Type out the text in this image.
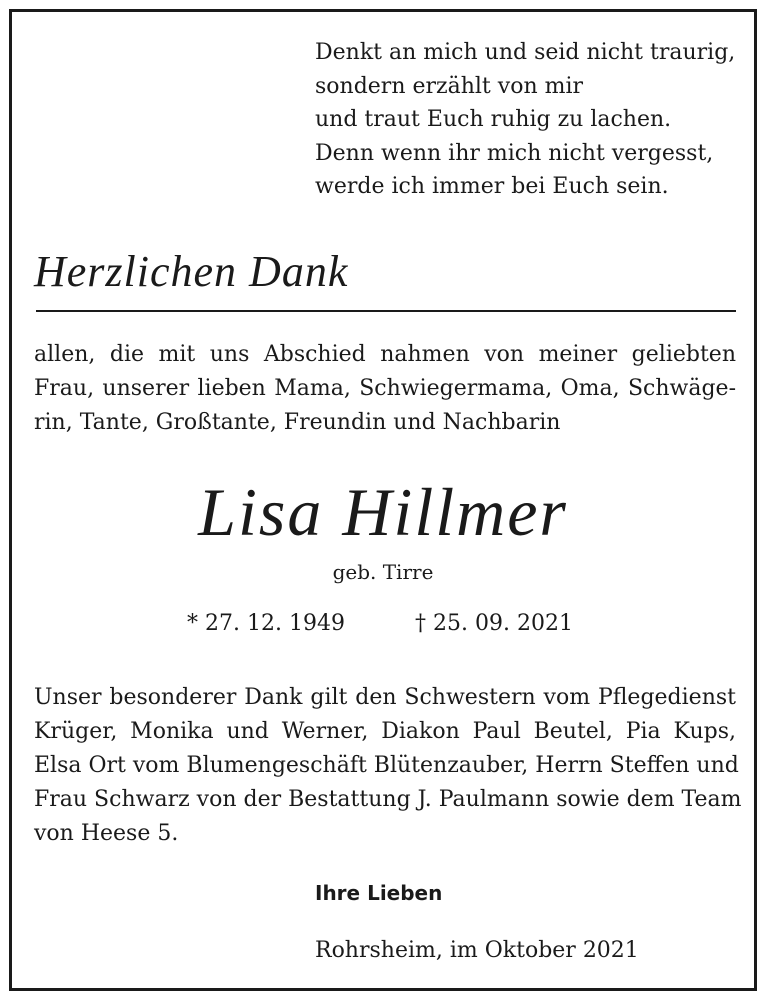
Denkt an mich und seid nicht traurig,
sondern erzählt von mir
und traut Euch ruhig zu lachen.
Denn wenn ihr mich nicht vergesst,
werde ich immer bei Euch sein.
Herzlichen Dank
allen, die mit uns Abschied nahmen von meiner geliebten
Frau, unserer lieben Mama, Schwiegermama, Oma, Schwäge-
rin, Tante, Großtante, Freundin und Nachbarin
Lisa Hillmer
geb. Tirre
* 27. 12. 1949	† 25. 09. 2021
Unser besonderer Dank gilt den Schwestern vom Pflegedienst
Krüger, Monika und Werner, Diakon Paul Beutel, Pia Kups,
Elsa Ort vom Blumengeschäft Blütenzauber, Herrn Steffen und
Frau Schwarz von der Bestattung J. Paulmann sowie dem Team
von Heese 5.
Ihre Lieben
Rohrsheim, im Oktober 2021
